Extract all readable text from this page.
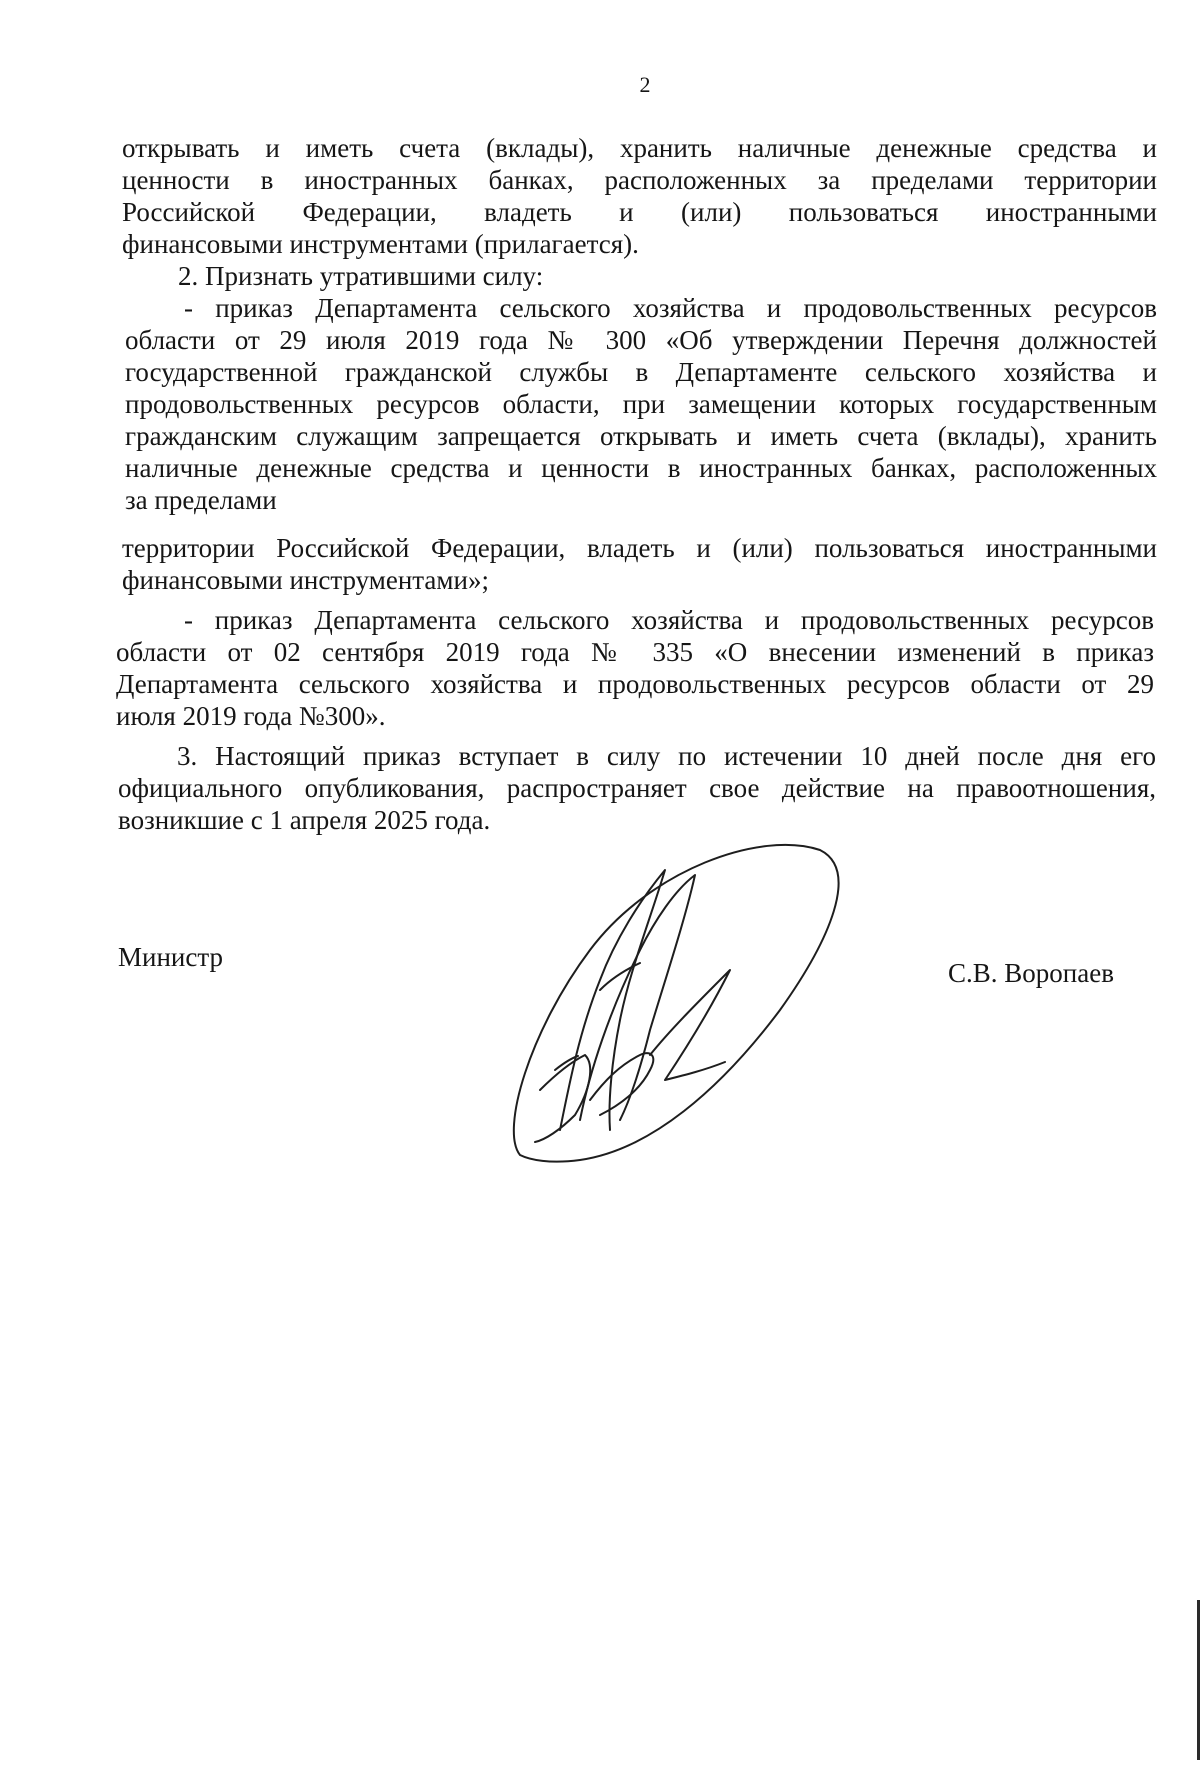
2
открывать и иметь счета (вклады), хранить наличные денежные средства и
ценности в иностранных банках, расположенных за пределами территории
Российской Федерации, владеть и (или) пользоваться иностранными
финансовыми инструментами (прилагается).
2. Признать утратившими силу:
- приказ Департамента сельского хозяйства и продовольственных ресурсов
области от 29 июля 2019 года № 300 «Об утверждении Перечня должностей
государственной гражданской службы в Департаменте сельского хозяйства и
продовольственных ресурсов области, при замещении которых государственным
гражданским служащим запрещается открывать и иметь счета (вклады), хранить
наличные денежные средства и ценности в иностранных банках, расположенных
за пределами
территории Российской Федерации, владеть и (или) пользоваться иностранными
финансовыми инструментами»;
- приказ Департамента сельского хозяйства и продовольственных ресурсов
области от 02 сентября 2019 года № 335 «О внесении изменений в приказ
Департамента сельского хозяйства и продовольственных ресурсов области от 29
июля 2019 года №300».
3. Настоящий приказ вступает в силу по истечении 10 дней после дня его
официального опубликования, распространяет свое действие на правоотношения,
возникшие с 1 апреля 2025 года.
Министр
С.В. Воропаев
